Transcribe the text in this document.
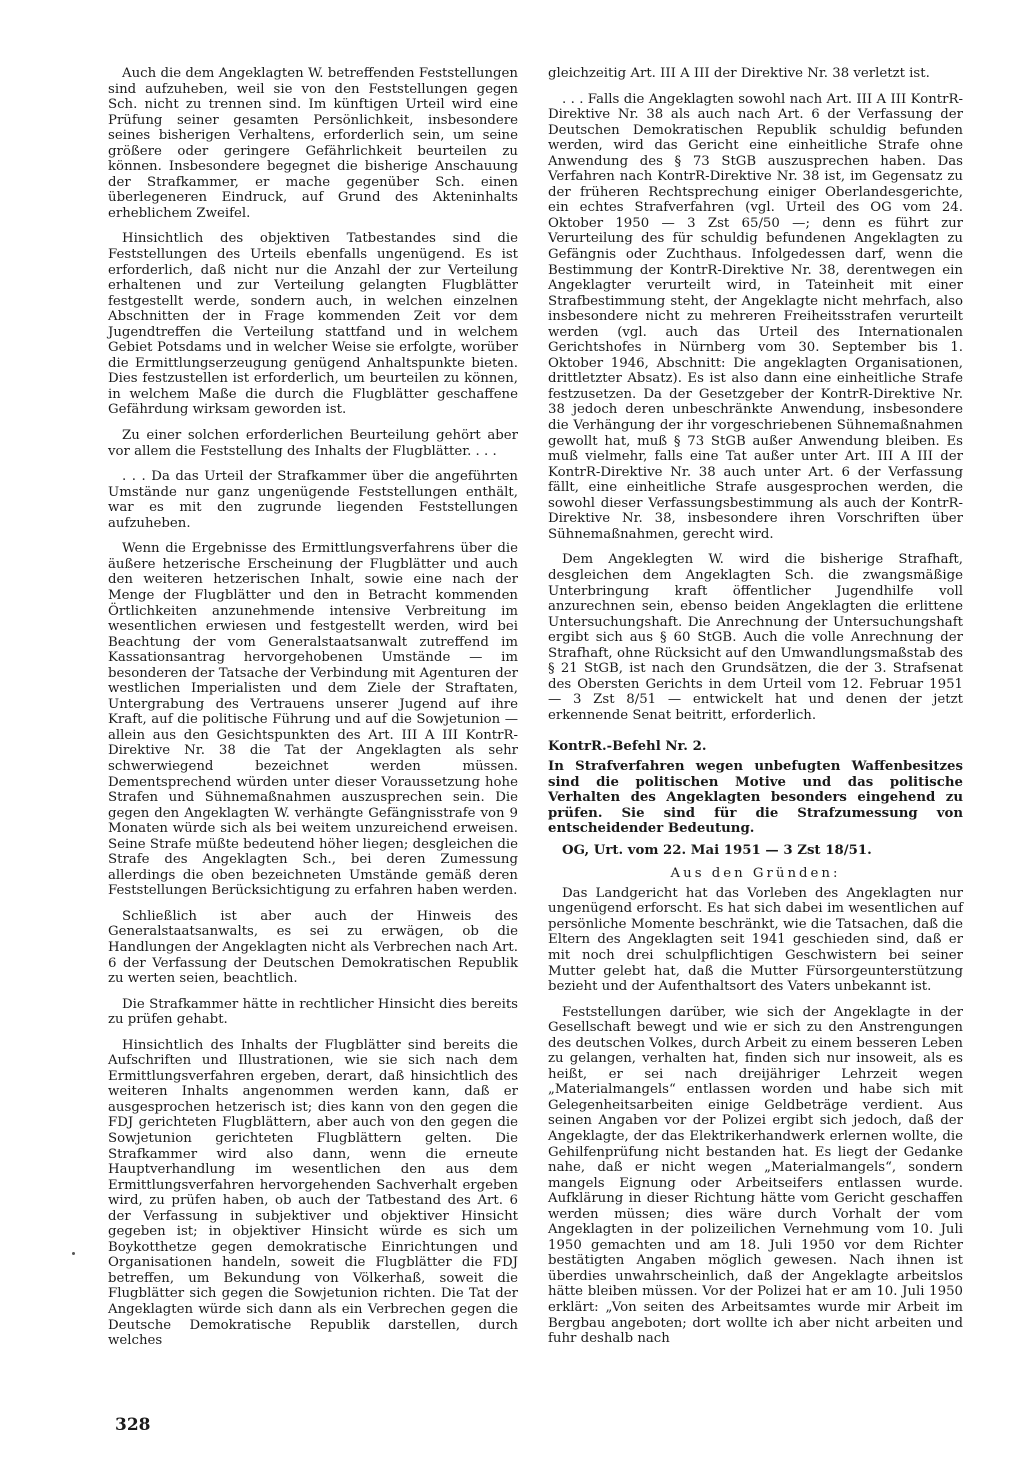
Auch die dem Angeklagten W. betreffenden Feststellungen sind aufzuheben, weil sie von den Feststellungen gegen Sch. nicht zu trennen sind. Im künftigen Urteil wird eine Prüfung seiner gesamten Persönlichkeit, insbesondere seines bisherigen Verhaltens, erforderlich sein, um seine größere oder geringere Gefährlichkeit beurteilen zu können. Insbesondere begegnet die bisherige Anschauung der Strafkammer, er mache gegenüber Sch. einen überlegeneren Eindruck, auf Grund des Akteninhalts erheblichem Zweifel.

Hinsichtlich des objektiven Tatbestandes sind die Feststellungen des Urteils ebenfalls ungenügend. Es ist erforderlich, daß nicht nur die Anzahl der zur Verteilung erhaltenen und zur Verteilung gelangten Flugblätter festgestellt werde, sondern auch, in welchen einzelnen Abschnitten der in Frage kommenden Zeit vor dem Jugendtreffen die Verteilung stattfand und in welchem Gebiet Potsdams und in welcher Weise sie erfolgte, worüber die Ermittlungserzeugung genügend Anhaltspunkte bieten. Dies festzustellen ist erforderlich, um beurteilen zu können, in welchem Maße die durch die Flugblätter geschaffene Gefährdung wirksam geworden ist.

Zu einer solchen erforderlichen Beurteilung gehört aber vor allem die Feststellung des Inhalts der Flugblätter. . . .

. . . Da das Urteil der Strafkammer über die angeführten Umstände nur ganz ungenügende Feststellungen enthält, war es mit den zugrunde liegenden Feststellungen aufzuheben.

Wenn die Ergebnisse des Ermittlungsverfahrens über die äußere hetzerische Erscheinung der Flugblätter und auch den weiteren hetzerischen Inhalt, sowie eine nach der Menge der Flugblätter und den in Betracht kommenden Örtlichkeiten anzunehmende intensive Verbreitung im wesentlichen erwiesen und festgestellt werden, wird bei Beachtung der vom Generalstaatsanwalt zutreffend im Kassationsantrag hervorgehobenen Umstände — im besonderen der Tatsache der Verbindung mit Agenturen der westlichen Imperialisten und dem Ziele der Straftaten, Untergrabung des Vertrauens unserer Jugend auf ihre Kraft, auf die politische Führung und auf die Sowjetunion — allein aus den Gesichtspunkten des Art. III A III KontrR-Direktive Nr. 38 die Tat der Angeklagten als sehr schwerwiegend bezeichnet werden müssen. Dementsprechend würden unter dieser Voraussetzung hohe Strafen und Sühnemaßnahmen auszusprechen sein. Die gegen den Angeklagten W. verhängte Gefängnisstrafe von 9 Monaten würde sich als bei weitem unzureichend erweisen. Seine Strafe müßte bedeutend höher liegen; desgleichen die Strafe des Angeklagten Sch., bei deren Zumessung allerdings die oben bezeichneten Umstände gemäß deren Feststellungen Berücksichtigung zu erfahren haben werden.

Schließlich ist aber auch der Hinweis des Generalstaatsanwalts, es sei zu erwägen, ob die Handlungen der Angeklagten nicht als Verbrechen nach Art. 6 der Verfassung der Deutschen Demokratischen Republik zu werten seien, beachtlich.

Die Strafkammer hätte in rechtlicher Hinsicht dies bereits zu prüfen gehabt.

Hinsichtlich des Inhalts der Flugblätter sind bereits die Aufschriften und Illustrationen, wie sie sich nach dem Ermittlungsverfahren ergeben, derart, daß hinsichtlich des weiteren Inhalts angenommen werden kann, daß er ausgesprochen hetzerisch ist; dies kann von den gegen die FDJ gerichteten Flugblättern, aber auch von den gegen die Sowjetunion gerichteten Flugblättern gelten. Die Strafkammer wird also dann, wenn die erneute Hauptverhandlung im wesentlichen den aus dem Ermittlungsverfahren hervorgehenden Sachverhalt ergeben wird, zu prüfen haben, ob auch der Tatbestand des Art. 6 der Verfassung in subjektiver und objektiver Hinsicht gegeben ist; in objektiver Hinsicht würde es sich um Boykotthetze gegen demokratische Einrichtungen und Organisationen handeln, soweit die Flugblätter die FDJ betreffen, um Bekundung von Völkerhaß, soweit die Flugblätter sich gegen die Sowjetunion richten. Die Tat der Angeklagten würde sich dann als ein Verbrechen gegen die Deutsche Demokratische Republik darstellen, durch welches

gleichzeitig Art. III A III der Direktive Nr. 38 verletzt ist.

. . . Falls die Angeklagten sowohl nach Art. III A III KontrR-Direktive Nr. 38 als auch nach Art. 6 der Verfassung der Deutschen Demokratischen Republik schuldig befunden werden, wird das Gericht eine einheitliche Strafe ohne Anwendung des § 73 StGB auszusprechen haben. Das Verfahren nach KontrR-Direktive Nr. 38 ist, im Gegensatz zu der früheren Rechtsprechung einiger Oberlandesgerichte, ein echtes Strafverfahren (vgl. Urteil des OG vom 24. Oktober 1950 — 3 Zst 65/50 —; denn es führt zur Verurteilung des für schuldig befundenen Angeklagten zu Gefängnis oder Zuchthaus. Infolgedessen darf, wenn die Bestimmung der KontrR-Direktive Nr. 38, derentwegen ein Angeklagter verurteilt wird, in Tateinheit mit einer Strafbestimmung steht, der Angeklagte nicht mehrfach, also insbesondere nicht zu mehreren Freiheitsstrafen verurteilt werden (vgl. auch das Urteil des Internationalen Gerichtshofes in Nürnberg vom 30. September bis 1. Oktober 1946, Abschnitt: Die angeklagten Organisationen, drittletzter Absatz). Es ist also dann eine einheitliche Strafe festzusetzen. Da der Gesetzgeber der KontrR-Direktive Nr. 38 jedoch deren unbeschränkte Anwendung, insbesondere die Verhängung der ihr vorgeschriebenen Sühnemaßnahmen gewollt hat, muß § 73 StGB außer Anwendung bleiben. Es muß vielmehr, falls eine Tat außer unter Art. III A III der KontrR-Direktive Nr. 38 auch unter Art. 6 der Verfassung fällt, eine einheitliche Strafe ausgesprochen werden, die sowohl dieser Verfassungsbestimmung als auch der KontrR-Direktive Nr. 38, insbesondere ihren Vorschriften über Sühnemaßnahmen, gerecht wird.

Dem Angeklegten W. wird die bisherige Strafhaft, desgleichen dem Angeklagten Sch. die zwangsmäßige Unterbringung kraft öffentlicher Jugendhilfe voll anzurechnen sein, ebenso beiden Angeklagten die erlittene Untersuchungshaft. Die Anrechnung der Untersuchungshaft ergibt sich aus § 60 StGB. Auch die volle Anrechnung der Strafhaft, ohne Rücksicht auf den Umwandlungsmaßstab des § 21 StGB, ist nach den Grundsätzen, die der 3. Strafsenat des Obersten Gerichts in dem Urteil vom 12. Februar 1951 — 3 Zst 8/51 — entwickelt hat und denen der jetzt erkennende Senat beitritt, erforderlich.

KontrR.-Befehl Nr. 2.

In Strafverfahren wegen unbefugten Waffenbesitzes sind die politischen Motive und das politische Verhalten des Angeklagten besonders eingehend zu prüfen. Sie sind für die Strafzumessung von entscheidender Bedeutung.

OG, Urt. vom 22. Mai 1951 — 3 Zst 18/51.

Aus den Gründen:

Das Landgericht hat das Vorleben des Angeklagten nur ungenügend erforscht. Es hat sich dabei im wesentlichen auf persönliche Momente beschränkt, wie die Tatsachen, daß die Eltern des Angeklagten seit 1941 geschieden sind, daß er mit noch drei schulpflichtigen Geschwistern bei seiner Mutter gelebt hat, daß die Mutter Fürsorgeunterstützung bezieht und der Aufenthaltsort des Vaters unbekannt ist.

Feststellungen darüber, wie sich der Angeklagte in der Gesellschaft bewegt und wie er sich zu den Anstrengungen des deutschen Volkes, durch Arbeit zu einem besseren Leben zu gelangen, verhalten hat, finden sich nur insoweit, als es heißt, er sei nach dreijähriger Lehrzeit wegen „Materialmangels“ entlassen worden und habe sich mit Gelegenheitsarbeiten einige Geldbeträge verdient. Aus seinen Angaben vor der Polizei ergibt sich jedoch, daß der Angeklagte, der das Elektrikerhandwerk erlernen wollte, die Gehilfenprüfung nicht bestanden hat. Es liegt der Gedanke nahe, daß er nicht wegen „Materialmangels“, sondern mangels Eignung oder Arbeitseifers entlassen wurde. Aufklärung in dieser Richtung hätte vom Gericht geschaffen werden müssen; dies wäre durch Vorhalt der vom Angeklagten in der polizeilichen Vernehmung vom 10. Juli 1950 gemachten und am 18. Juli 1950 vor dem Richter bestätigten Angaben möglich gewesen. Nach ihnen ist überdies unwahrscheinlich, daß der Angeklagte arbeitslos hätte bleiben müssen. Vor der Polizei hat er am 10. Juli 1950 erklärt: „Von seiten des Arbeitsamtes wurde mir Arbeit im Bergbau angeboten; dort wollte ich aber nicht arbeiten und fuhr deshalb nach

328
